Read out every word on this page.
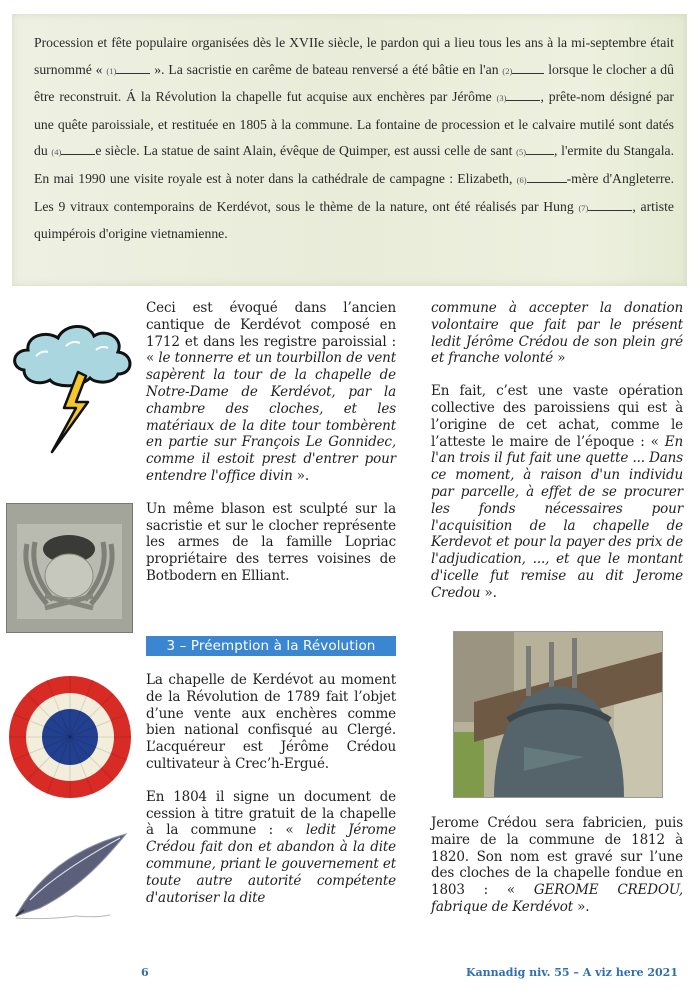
Procession et fête populaire organisées dès le XVIIe siècle, le pardon qui a lieu tous les ans à la mi-septembre était surnommé « (1) ». La sacristie en carême de bateau renversé a été bâtie en l'an (2) lorsque le clocher a dû être reconstruit. Á la Révolution la chapelle fut acquise aux enchères par Jérôme (3) , prête-nom désigné par une quête paroissiale, et restituée en 1805 à la commune. La fontaine de procession et le calvaire mutilé sont datés du (4) e siècle. La statue de saint Alain, évêque de Quimper, est aussi celle de sant (5) , l'ermite du Stangala. En mai 1990 une visite royale est à noter dans la cathédrale de campagne : Elizabeth, (6)	-mère d'Angleterre. Les 9 vitraux contemporains de Kerdévot, sous le thème de la nature, ont été réalisés par Hung (7)	, artiste quimpérois d'origine vietnamienne.

Ceci est évoqué dans l’ancien cantique de Kerdévot composé en 1712 et dans les registre paroissial : « le tonnerre et un tourbillon de vent sapèrent la tour de la chapelle de Notre-Dame de Kerdévot, par la chambre des cloches, et les matériaux de la dite tour tombèrent en partie sur François Le Gonnidec, comme il estoit prest d'entrer pour entendre l'office divin ».

Un même blason est sculpté sur la sacristie et sur le clocher représente les armes de la famille Lopriac propriétaire des terres voisines de Botbodern en Elliant.

3 – Préemption à la Révolution

La chapelle de Kerdévot au moment de la Révolution de 1789 fait l’objet d’une vente aux enchères comme bien national confisqué au Clergé. L’acquéreur est Jérôme Crédou cultivateur à Crec’h-Ergué.

En 1804 il signe un document de cession à titre gratuit de la chapelle à la commune : « ledit Jérome Crédou fait don et abandon à la dite commune, priant le gouvernement et toute autre autorité compétente d'autoriser la dite

commune à accepter la donation volontaire que fait par le présent ledit Jérôme Crédou de son plein gré et franche volonté »

En fait, c’est une vaste opération collective des paroissiens qui est à l’origine de cet achat, comme le l’atteste le maire de l’époque : « En l'an trois il fut fait une quette ... Dans ce moment, à raison d'un individu par parcelle, à effet de se procurer les fonds nécessaires pour l'acquisition de la chapelle de Kerdevot et pour la payer des prix de l'adjudication, ..., et que le montant d'icelle fut remise au dit Jerome Credou ».

Jerome Crédou sera fabricien, puis maire de la commune de 1812 à 1820. Son nom est gravé sur l’une des cloches de la chapelle fondue en 1803 : « GEROME CREDOU, fabrique de Kerdévot ».

6	Kannadig niv. 55 – A viz here 2021
